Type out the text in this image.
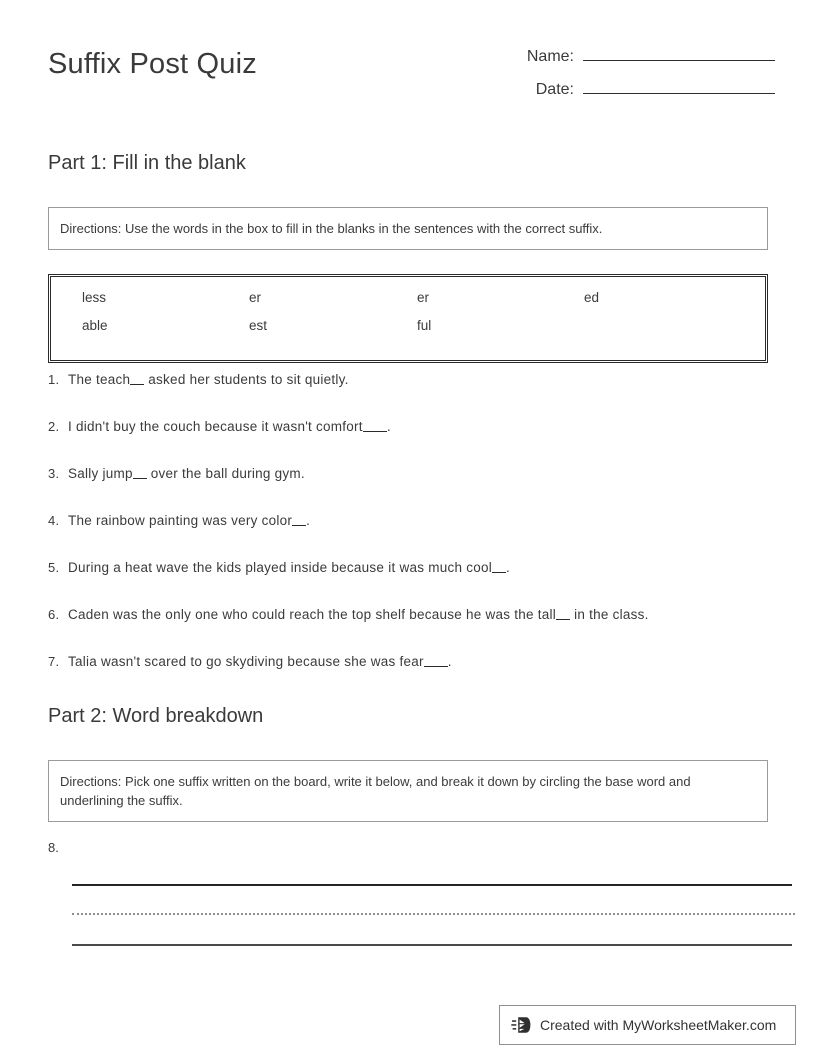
Suffix Post Quiz	Name:
Date:
Part 1: Fill in the blank
Directions: Use the words in the box to fill in the blanks in the sentences with the correct suffix.
less	er	er	ed
able	est	ful
1. The teach asked her students to sit quietly.
2. I didn't buy the couch because it wasn't comfort .
3. Sally jump over the ball during gym.
4. The rainbow painting was very color .
5. During a heat wave the kids played inside because it was much cool .
6. Caden was the only one who could reach the top shelf because he was the tall in the class.
7. Talia wasn't scared to go skydiving because she was fear .
Part 2: Word breakdown
Directions: Pick one suffix written on the board, write it below, and break it down by circling the base word and underlining the suffix.
8.
Created with MyWorksheetMaker.com
